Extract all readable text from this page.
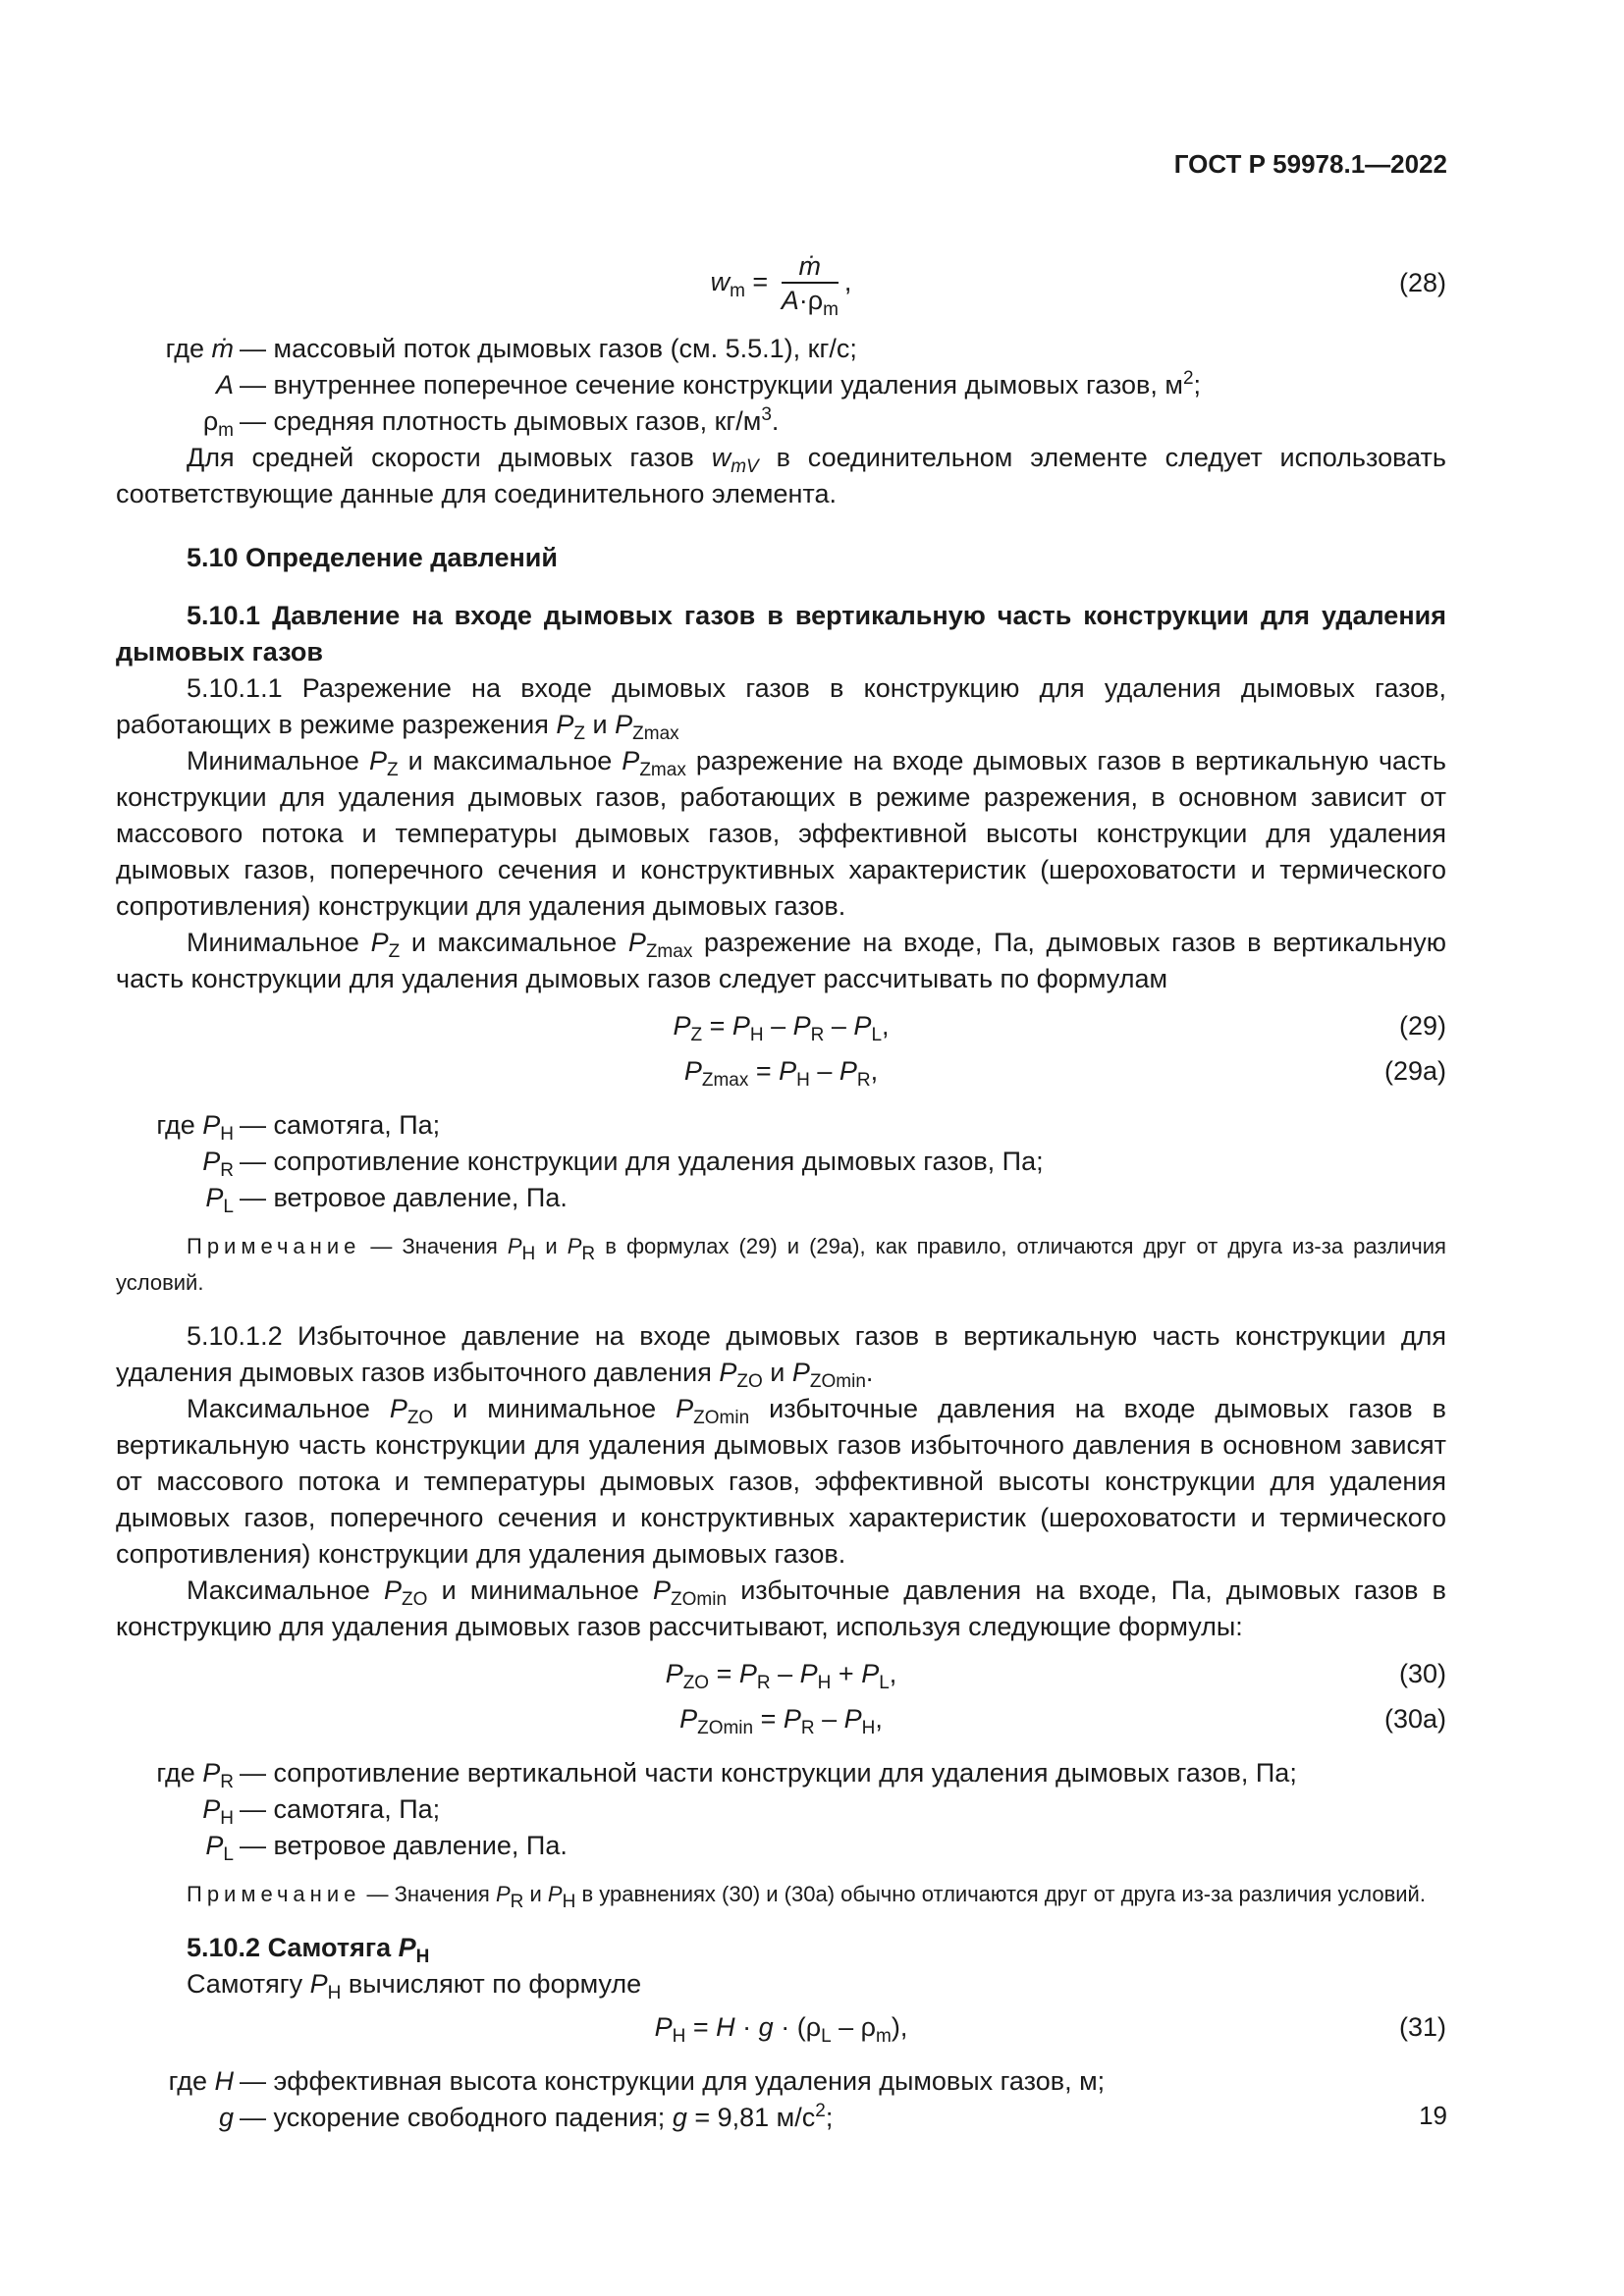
ГОСТ Р 59978.1—2022
$w_m = \frac{\text{ṁ}}{A\cdot\rho_m}$ ,	(28)
где ṁ — массовый поток дымовых газов (см. 5.5.1), кг/с;
A — внутреннее поперечное сечение конструкции удаления дымовых газов, $м^2$;
$\rho_m$ — средняя плотность дымовых газов, $кг/м^3$.

Для средней скорости дымовых газов $w_{mV}$ в соединительном элементе следует использовать соответствующие данные для соединительного элемента.

5.10 Определение давлений

5.10.1 Давление на входе дымовых газов в вертикальную часть конструкции для удаления дымовых газов

5.10.1.1 Разрежение на входе дымовых газов в конструкцию для удаления дымовых газов, работающих в режиме разрежения $P_Z$ и $P_{Zmax}$

Минимальное $P_Z$ и максимальное $P_{Zmax}$ разрежение на входе дымовых газов в вертикальную часть конструкции для удаления дымовых газов, работающих в режиме разрежения, в основном зависит от массового потока и температуры дымовых газов, эффективной высоты конструкции для удаления дымовых газов, поперечного сечения и конструктивных характеристик (шероховатости и термического сопротивления) конструкции для удаления дымовых газов.

Минимальное $P_Z$ и максимальное $P_{Zmax}$ разрежение на входе, Па, дымовых газов в вертикальную часть конструкции для удаления дымовых газов следует рассчитывать по формулам

$P_Z = P_H - P_R - P_L$,	(29)
$P_{Zmax} = P_H - P_R$,	(29а)
где $P_H$ — самотяга, Па;
$P_R$ — сопротивление конструкции для удаления дымовых газов, Па;
$P_L$ — ветровое давление, Па.

Примечание — Значения $P_H$ и $P_R$ в формулах (29) и (29а), как правило, отличаются друг от друга из-за различия условий.

5.10.1.2 Избыточное давление на входе дымовых газов в вертикальную часть конструкции для удаления дымовых газов избыточного давления $P_{ZO}$ и $P_{ZOmin}$.

Максимальное $P_{ZO}$ и минимальное $P_{ZOmin}$ избыточные давления на входе дымовых газов в вертикальную часть конструкции для удаления дымовых газов избыточного давления в основном зависят от массового потока и температуры дымовых газов, эффективной высоты конструкции для удаления дымовых газов, поперечного сечения и конструктивных характеристик (шероховатости и термического сопротивления) конструкции для удаления дымовых газов.

Максимальное $P_{ZO}$ и минимальное $P_{ZOmin}$ избыточные давления на входе, Па, дымовых газов в конструкцию для удаления дымовых газов рассчитывают, используя следующие формулы:

$P_{ZO} = P_R - P_H + P_L$,	(30)
$P_{ZOmin} = P_R - P_H$,	(30а)
где $P_R$ — сопротивление вертикальной части конструкции для удаления дымовых газов, Па;
$P_H$ — самотяга, Па;
$P_L$ — ветровое давление, Па.

Примечание — Значения $P_R$ и $P_H$ в уравнениях (30) и (30а) обычно отличаются друг от друга из-за различия условий.

5.10.2 Самотяга $P_H$

Самотягу $P_H$ вычисляют по формуле

$P_H = H \cdot g \cdot (\rho_L - \rho_m)$,	(31)
где H — эффективная высота конструкции для удаления дымовых газов, м;
g — ускорение свободного падения; g = 9,81 $м/с^2$;	19
